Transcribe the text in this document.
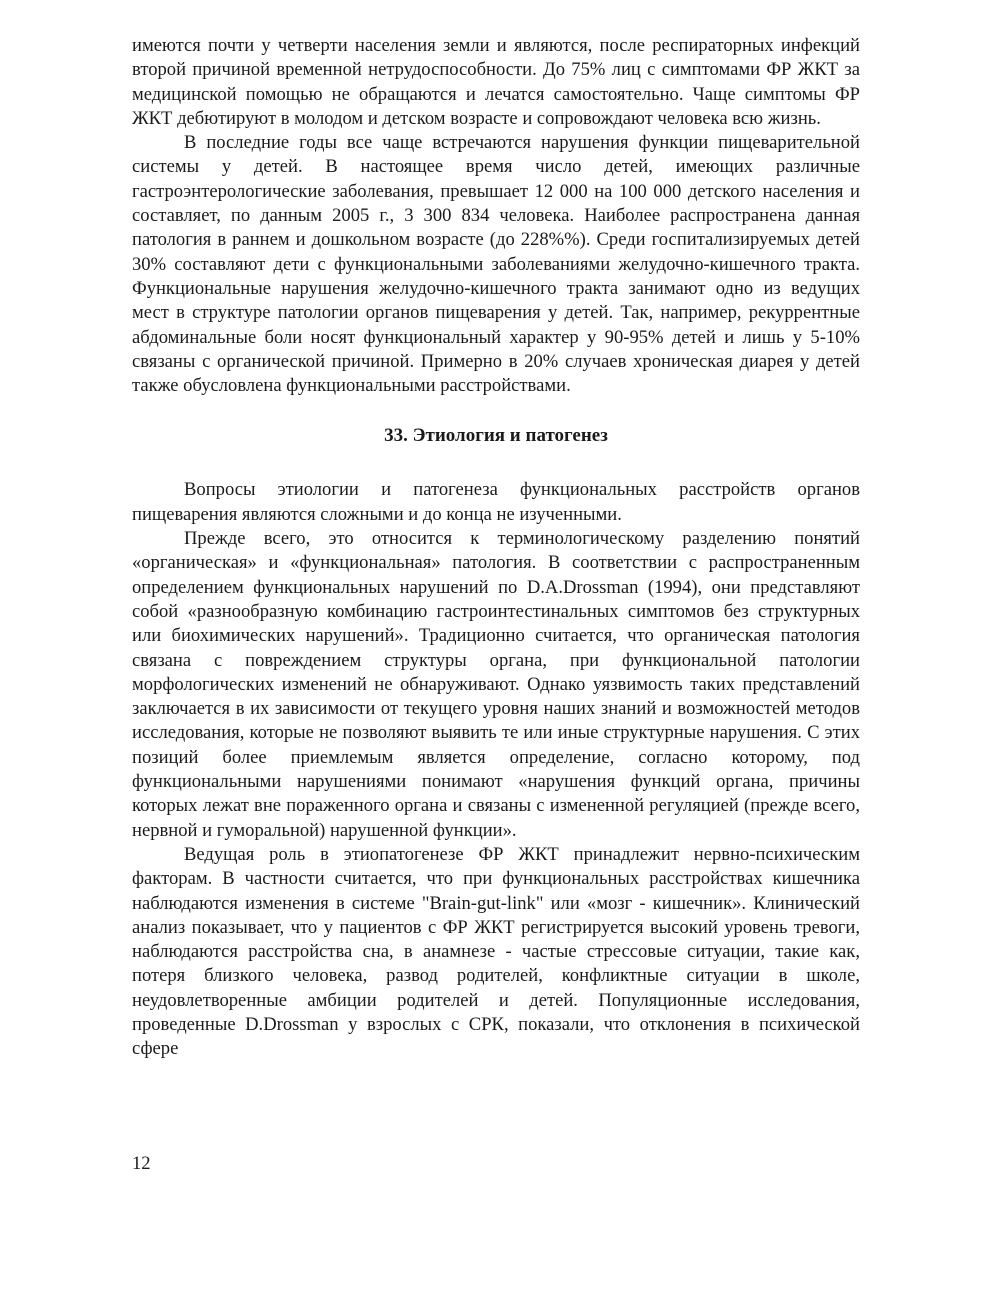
имеются почти у четверти населения земли и являются, после респираторных инфекций второй причиной временной нетрудоспособности. До 75% лиц с симптомами ФР ЖКТ за медицинской помощью не обращаются и лечатся самостоятельно. Чаще симптомы ФР ЖКТ дебютируют в молодом и детском возрасте и сопровождают человека всю жизнь.

В последние годы все чаще встречаются нарушения функции пищеварительной системы у детей. В настоящее время число детей, имеющих различные гастроэнтерологические заболевания, превышает 12 000 на 100 000 детского населения и составляет, по данным 2005 г., 3 300 834 человека. Наиболее распространена данная патология в раннем и дошкольном возрасте (до 228%%). Среди госпитализируемых детей 30% составляют дети с функциональными заболеваниями желудочно-кишечного тракта. Функциональные нарушения желудочно-кишечного тракта занимают одно из ведущих мест в структуре патологии органов пищеварения у детей. Так, например, рекуррентные абдоминальные боли носят функциональный характер у 90-95% детей и лишь у 5-10% связаны с органической причиной. Примерно в 20% случаев хроническая диарея у детей также обусловлена функциональными расстройствами.

33. Этиология и патогенез

Вопросы этиологии и патогенеза функциональных расстройств органов пищеварения являются сложными и до конца не изученными.

Прежде всего, это относится к терминологическому разделению понятий «органическая» и «функциональная» патология. В соответствии с распространенным определением функциональных нарушений по D.A.Drossman (1994), они представляют собой «разнообразную комбинацию гастроинтестинальных симптомов без структурных или биохимических нарушений». Традиционно считается, что органическая патология связана с повреждением структуры органа, при функциональной патологии морфологических изменений не обнаруживают. Однако уязвимость таких представлений заключается в их зависимости от текущего уровня наших знаний и возможностей методов исследования, которые не позволяют выявить те или иные структурные нарушения. С этих позиций более приемлемым является определение, согласно которому, под функциональными нарушениями понимают «нарушения функций органа, причины которых лежат вне пораженного органа и связаны с измененной регуляцией (прежде всего, нервной и гуморальной) нарушенной функции».

Ведущая роль в этиопатогенезе ФР ЖКТ принадлежит нервно-психическим факторам. В частности считается, что при функциональных расстройствах кишечника наблюдаются изменения в системе "Brain-gut-link" или «мозг - кишечник». Клинический анализ показывает, что у пациентов с ФР ЖКТ регистрируется высокий уровень тревоги, наблюдаются расстройства сна, в анамнезе - частые стрессовые ситуации, такие как, потеря близкого человека, развод родителей, конфликтные ситуации в школе, неудовлетворенные амбиции родителей и детей. Популяционные исследования, проведенные D.Drossman у взрослых с СРК, показали, что отклонения в психической сфере

12
